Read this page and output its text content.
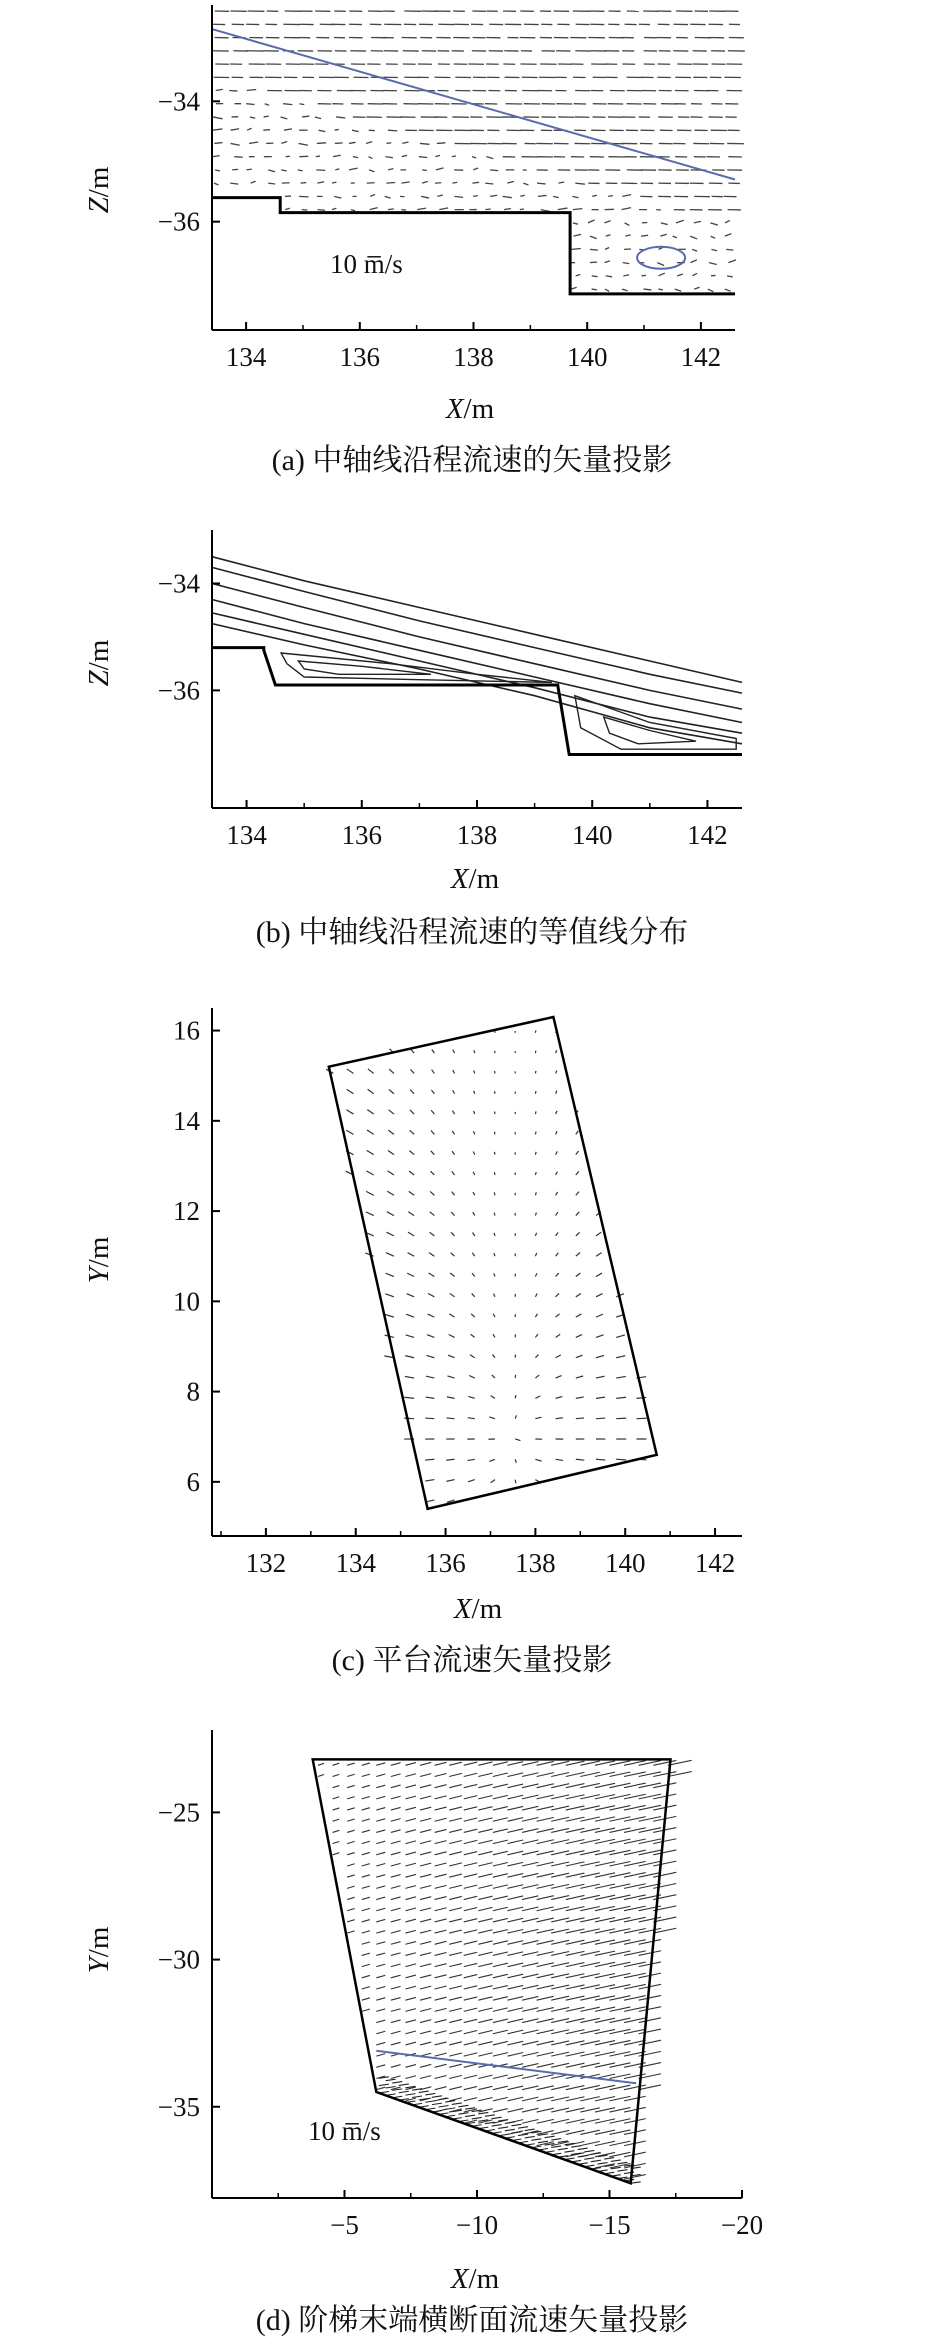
134	136	138	140	142
−34
−36
10 m̅/s
X/m
Z/m
(a) 中轴线沿程流速的矢量投影
134	136	138	140	142
−34
−36
X/m
Z/m
(b) 中轴线沿程流速的等值线分布
132 134 136 138 140 142
6
8
10
12
14
16
X/m
Y/m
(c) 平台流速矢量投影
−5	−10	−15	−20
−25
−30
−35
10 m̅/s
X/m
Y/m
(d) 阶梯末端横断面流速矢量投影
